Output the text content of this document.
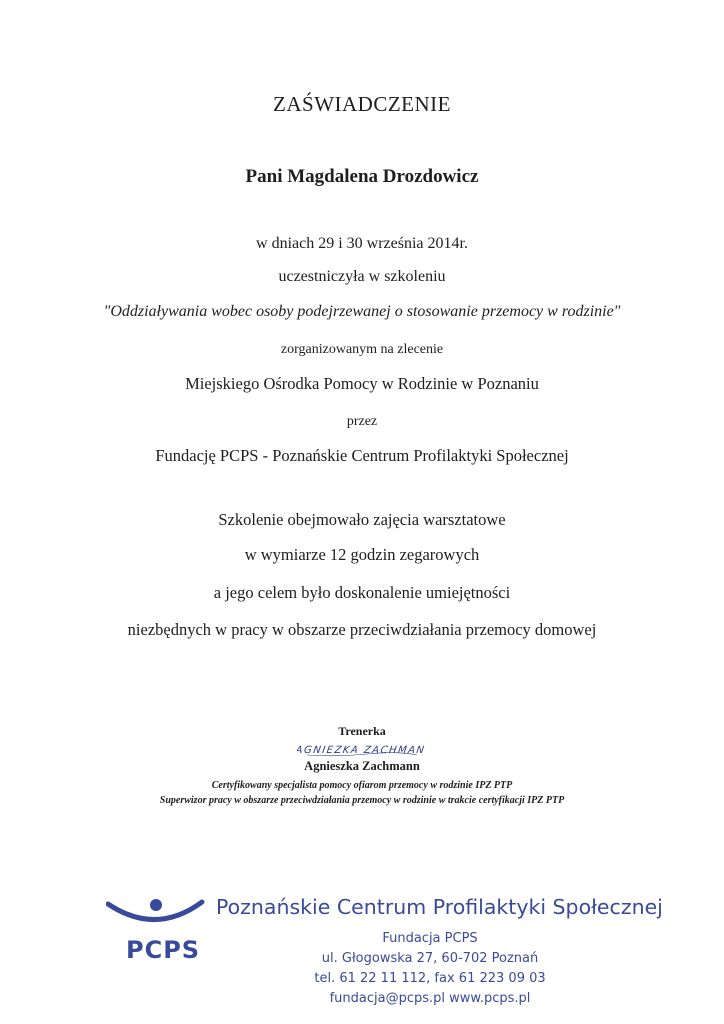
ZAŚWIADCZENIE
Pani Magdalena Drozdowicz
w dniach 29 i 30 września 2014r.
uczestniczyła w szkoleniu
"Oddziaływania wobec osoby podejrzewanej o stosowanie przemocy w rodzinie"
zorganizowanym na zlecenie
Miejskiego Ośrodka Pomocy w Rodzinie w Poznaniu
przez
Fundację PCPS - Poznańskie Centrum Profilaktyki Społecznej
Szkolenie obejmowało zajęcia warsztatowe
w wymiarze 12 godzin zegarowych
a jego celem było doskonalenie umiejętności
niezbędnych w pracy w obszarze przeciwdziałania przemocy domowej
Trenerka
AGNIEZKA ZACHMAN
Agnieszka Zachmann
Certyfikowany specjalista pomocy ofiarom przemocy w rodzinie IPZ PTP
Superwizor pracy w obszarze przeciwdziałania przemocy w rodzinie w trakcie certyfikacji IPZ PTP
PCPS
Poznańskie Centrum Profilaktyki Społecznej
Fundacja PCPS
ul. Głogowska 27, 60-702 Poznań
tel. 61 22 11 112, fax 61 223 09 03
fundacja@pcps.pl www.pcps.pl
